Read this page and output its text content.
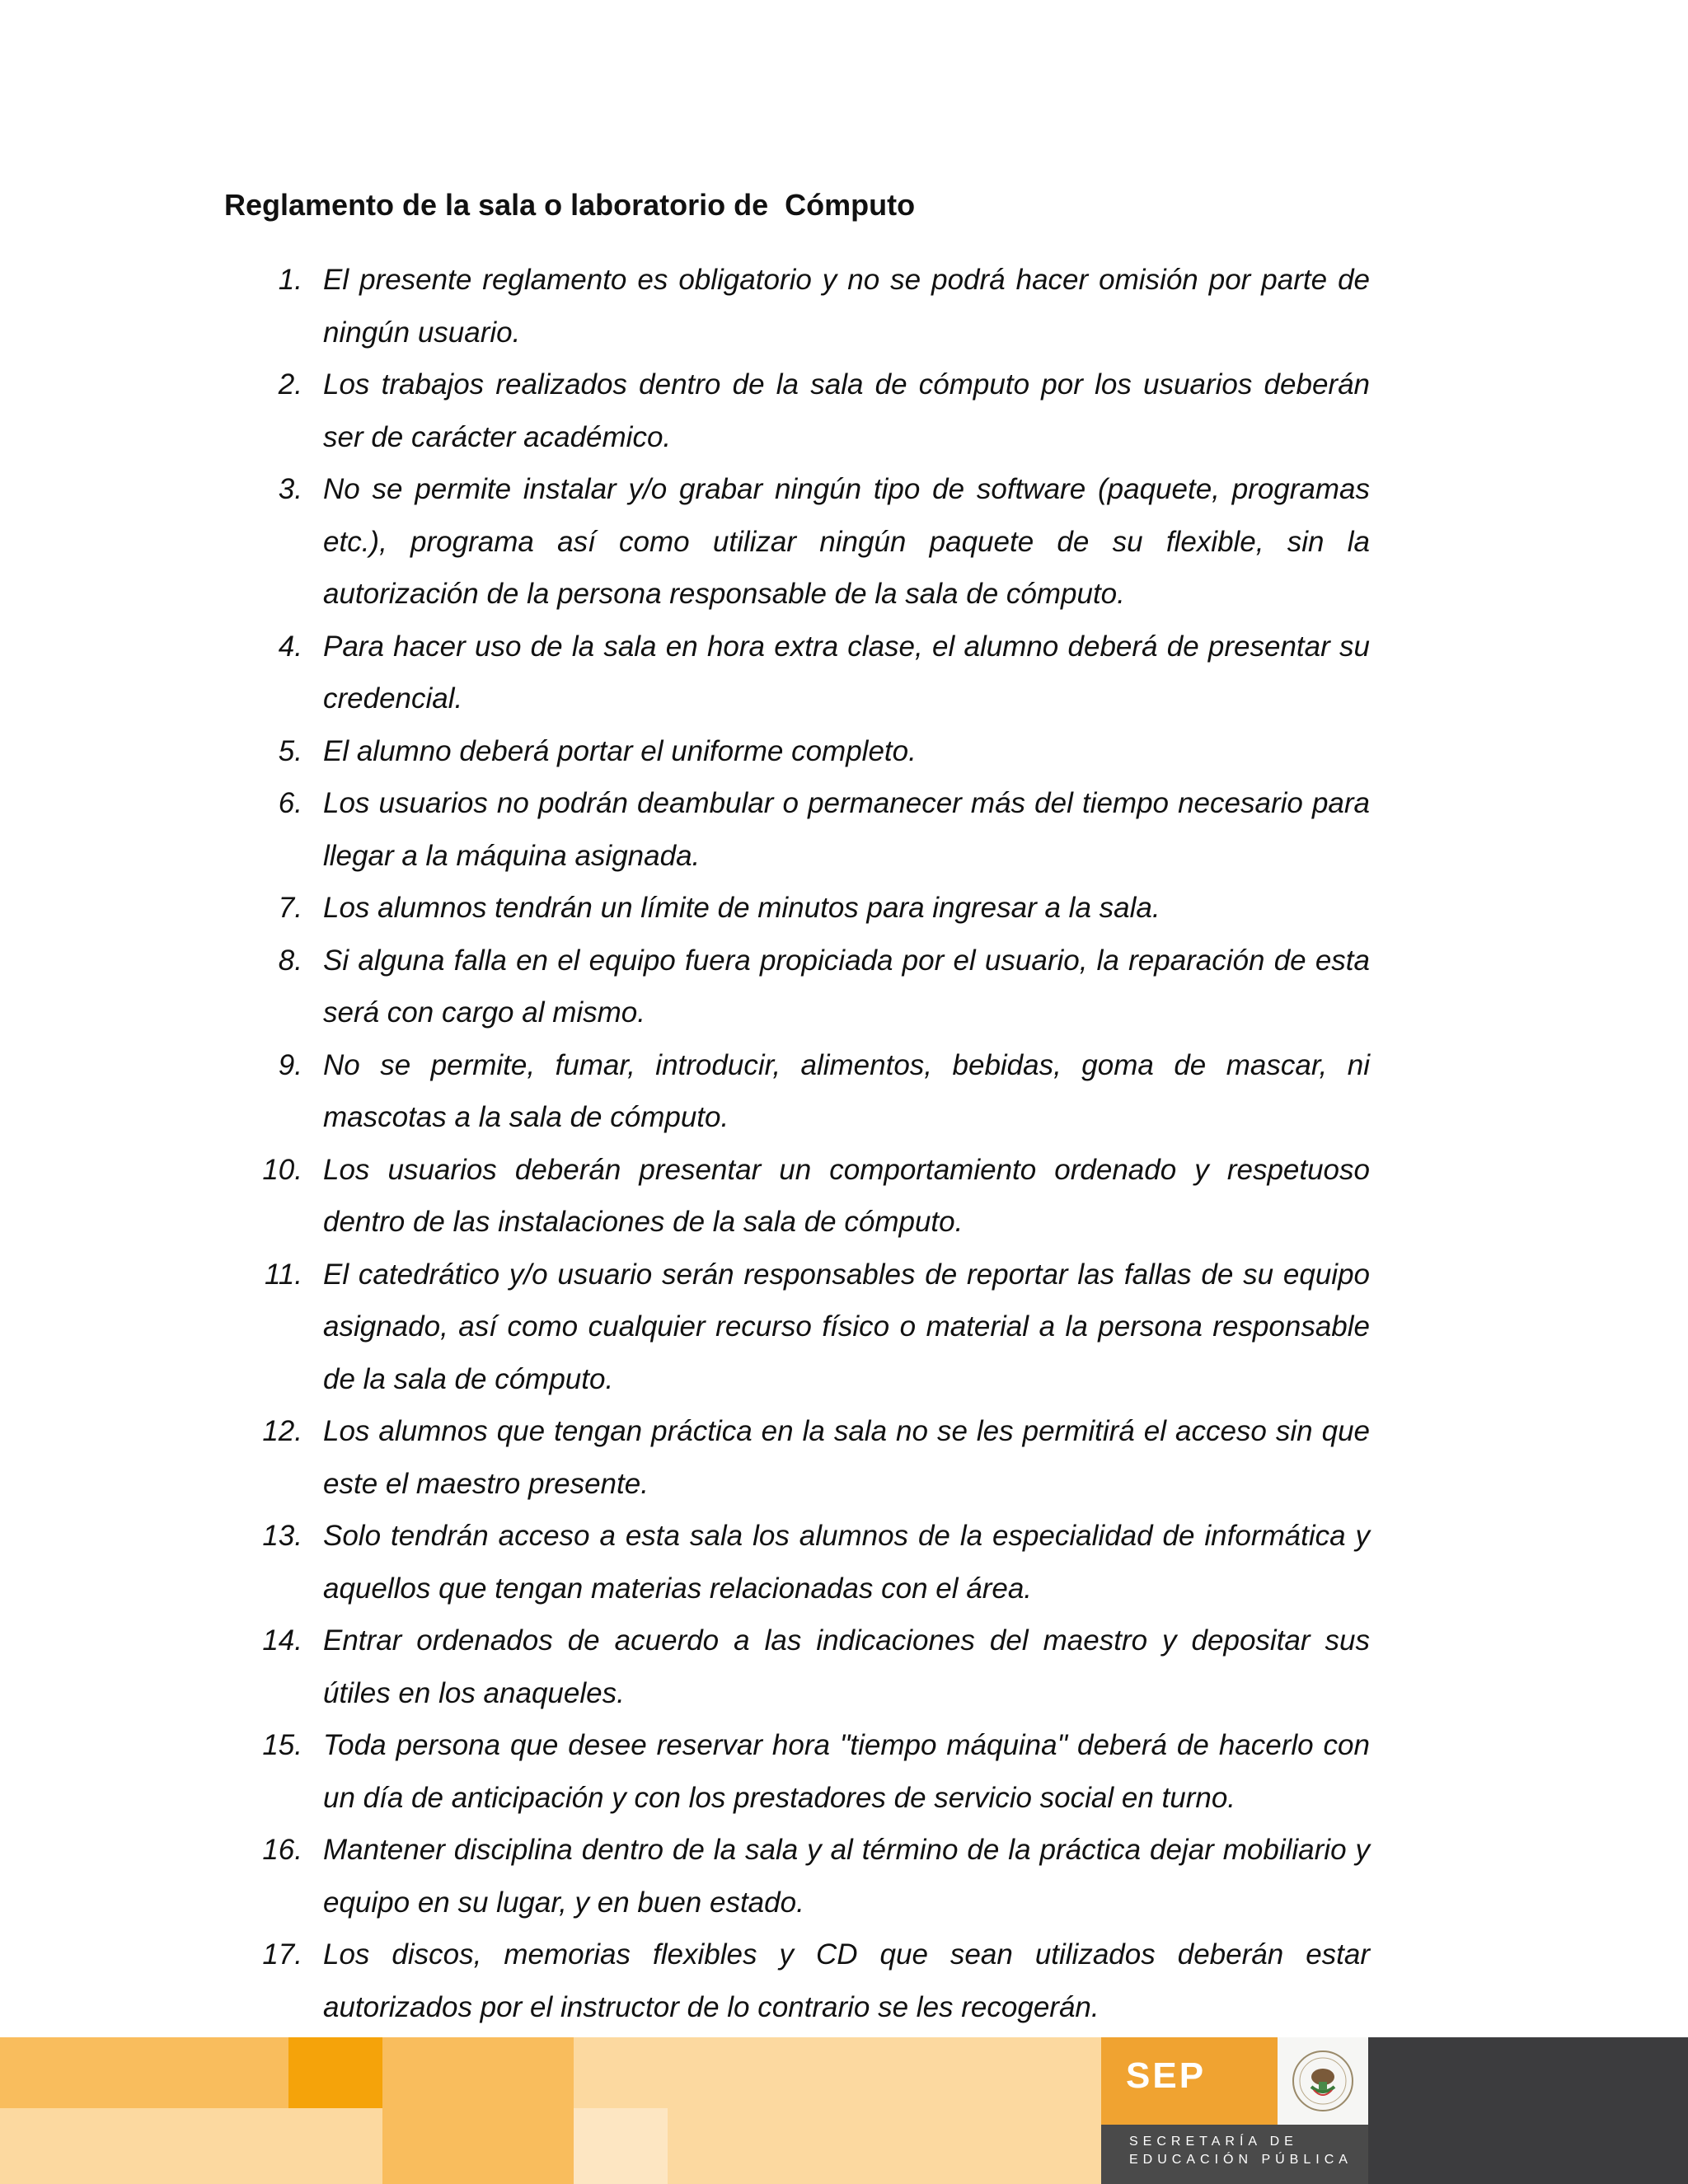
Reglamento de la sala o laboratorio de  Cómputo
1. El presente reglamento es obligatorio y no se podrá hacer omisión por parte de ningún usuario.
2. Los trabajos realizados dentro de la sala de cómputo por los usuarios deberán ser de carácter académico.
3. No se permite instalar y/o grabar ningún tipo de software (paquete, programas etc.), programa así como utilizar ningún paquete de su flexible, sin la         autorización de la persona responsable de la sala de cómputo.
4. Para hacer uso de la sala en hora extra clase, el alumno deberá de presentar su credencial.
5. El alumno deberá portar el uniforme completo.
6. Los usuarios no podrán deambular o permanecer más del tiempo necesario para llegar a la máquina asignada.
7. Los alumnos tendrán un límite de minutos para ingresar a la sala.
8. Si alguna falla en el equipo fuera propiciada por el usuario, la reparación de esta será con cargo al mismo.
9. No se permite, fumar, introducir, alimentos, bebidas, goma de mascar, ni mascotas a la sala de cómputo.
10. Los usuarios deberán presentar un comportamiento ordenado y respetuoso dentro de las instalaciones de la sala de cómputo.
11. El catedrático y/o usuario serán responsables de reportar las fallas de su equipo asignado, así como cualquier recurso físico o material a la persona responsable de la sala de cómputo.
12. Los alumnos que tengan práctica en la sala no se les permitirá el acceso sin que este el maestro presente.
13. Solo tendrán acceso a esta sala los alumnos de la especialidad de informática y aquellos que tengan materias relacionadas con el área.
14. Entrar ordenados de acuerdo a las indicaciones del maestro y depositar sus útiles en los anaqueles.
15. Toda persona que desee reservar hora "tiempo máquina" deberá de hacerlo con un día de anticipación y con los prestadores de servicio social en turno.
16. Mantener disciplina dentro de la sala y al término de la práctica dejar mobiliario y equipo en su lugar, y en buen estado.
17. Los discos, memorias flexibles y CD que sean utilizados deberán estar autorizados por el instructor de lo contrario se les recogerán.
SEP
SECRETARÍA DE
EDUCACIÓN PÚBLICA
